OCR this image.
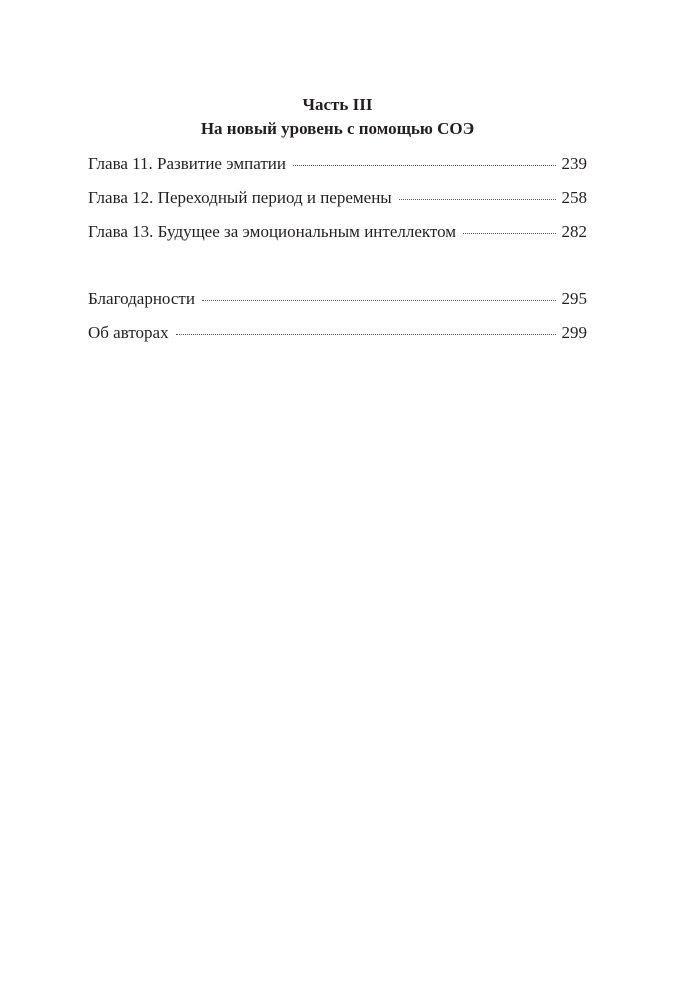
Часть III
На новый уровень с помощью СОЭ
Глава 11. Развитие эмпатии	239
Глава 12. Переходный период и перемены	258
Глава 13. Будущее за эмоциональным интеллектом	282
Благодарности	295
Об авторах	299
